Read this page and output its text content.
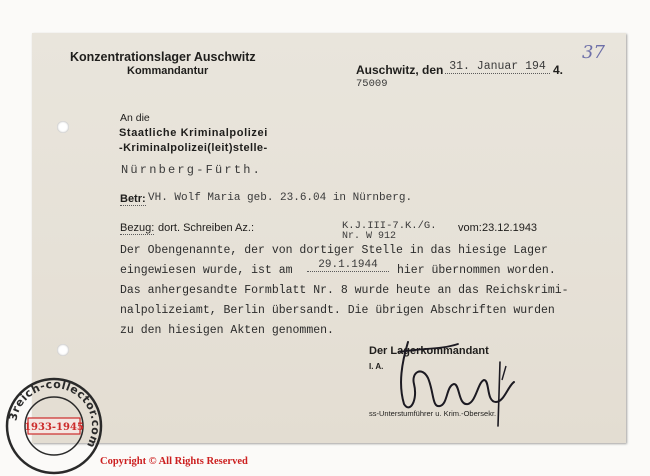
Konzentrationslager Auschwitz
Kommandantur	Auschwitz, den 31. Januar 194 4.
75009
37
An die
Staatliche Kriminalpolizei
-Kriminalpolizei(leit)stelle-
Nürnberg-Fürth.
Betr: VH. Wolf Maria geb. 23.6.04 in Nürnberg.
Bezug: dort. Schreiben Az.:	K.J.III-7.K./G.
Nr. W 912
vom: 23.12.1943
Der Obengenannte, der von dortiger Stelle in das hiesige Lager
eingewiesen wurde, ist am	29.1.1944	hier übernommen worden.
Das anhergesandte Formblatt Nr. 8 wurde heute an das Reichskrimi-
nalpolizeiamt, Berlin übersandt. Die übrigen Abschriften wurden
zu den hiesigen Akten genommen.
Der Lagerkommandant
I. A.
ss-Unterstumführer u. Krim.-Obersekr.
3reich-collector.com
1933-1945
Copyright © All Rights Reserved
